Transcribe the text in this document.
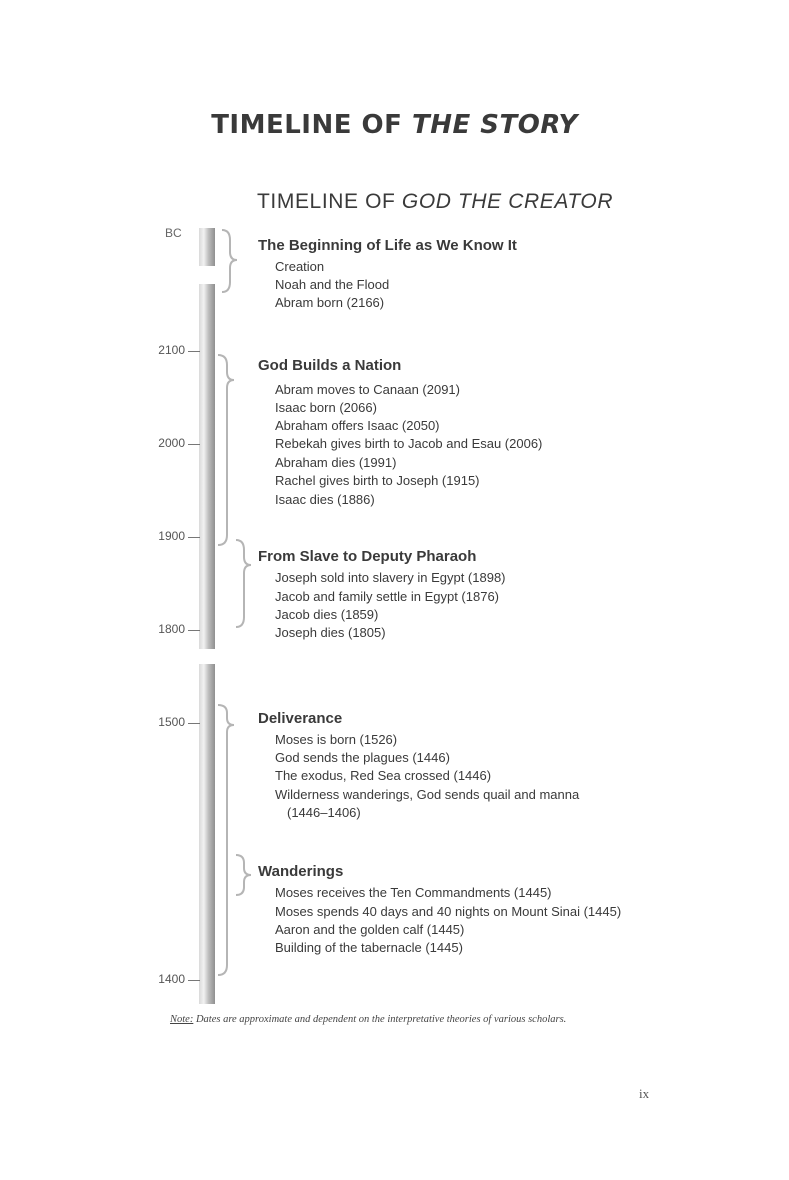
TIMELINE OF THE STORY
TIMELINE OF GOD THE CREATOR
BC
2100
2000
1900
1800
1500
1400
The Beginning of Life as We Know It
Creation
Noah and the Flood
Abram born (2166)
God Builds a Nation
Abram moves to Canaan (2091)
Isaac born (2066)
Abraham offers Isaac (2050)
Rebekah gives birth to Jacob and Esau (2006)
Abraham dies (1991)
Rachel gives birth to Joseph (1915)
Isaac dies (1886)
From Slave to Deputy Pharaoh
Joseph sold into slavery in Egypt (1898)
Jacob and family settle in Egypt (1876)
Jacob dies (1859)
Joseph dies (1805)
Deliverance
Moses is born (1526)
God sends the plagues (1446)
The exodus, Red Sea crossed (1446)
Wilderness wanderings, God sends quail and manna
(1446–1406)
Wanderings
Moses receives the Ten Commandments (1445)
Moses spends 40 days and 40 nights on Mount Sinai (1445)
Aaron and the golden calf (1445)
Building of the tabernacle (1445)
Note: Dates are approximate and dependent on the interpretative theories of various scholars.
ix
